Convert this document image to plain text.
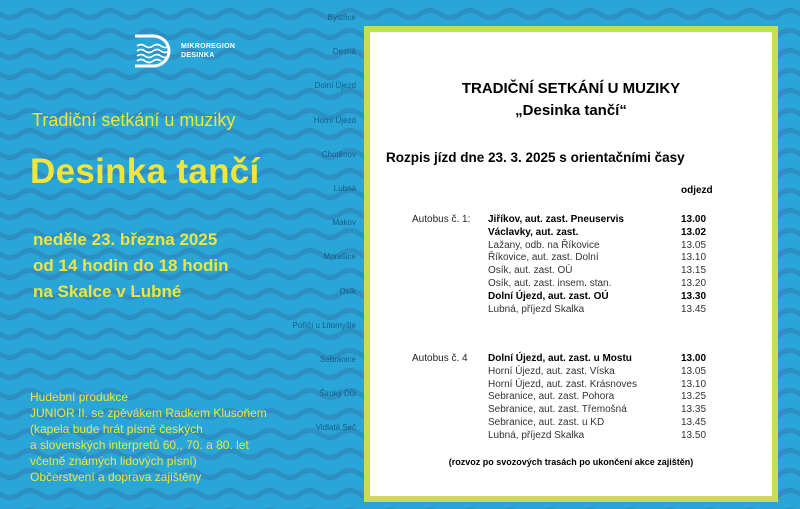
MIKROREGION
DESINKA
Bystřice
Desná
Dolní Újezd
Horní Újezd
Chotěnov
Lubná
Makov
Morašice
Osík
Poříčí u Litomyšle
Sebranice
Široký Důl
Vidlatá Seč
Tradiční setkání u muziky
Desinka tančí
neděle 23. března 2025
od 14 hodin do 18 hodin
na Skalce v Lubné
Hudební produkce
JUNIOR II. se zpěvákem Radkem Klusoňem
(kapela bude hrát písně českých
a slovenských interpretů 60., 70. a 80. let
včetně známých lidových písní)
Občerstvení a doprava zajištěny
TRADIČNÍ SETKÁNÍ U MUZIKY
„Desinka tančí“
Rozpis jízd dne 23. 3. 2025 s orientačními časy
odjezd
(rozvoz po svozových trasách po ukončení akce zajištěn)
Autobus č. 1: Jiříkov, aut. zast. Pneuservis	13.00
Václavky, aut. zast.	13.02
Lažany, odb. na Říkovice	13.05
Říkovice, aut. zast. Dolní	13.10
Osík, aut. zast. OÚ	13.15
Osík, aut. zast. insem. stan.	13.20
Dolní Újezd, aut. zast. OÚ	13.30
Lubná, příjezd Skalka	13.45
Autobus č. 4 Dolní Újezd, aut. zast. u Mostu	13.00
Horní Újezd, aut. zast. Víska	13.05
Horní Újezd, aut. zast. Krásnoves	13.10
Sebranice, aut. zast. Pohora	13.25
Sebranice, aut. zast. Třemošná	13.35
Sebranice, aut. zast. u KD	13.45
Lubná, příjezd Skalka	13.50
